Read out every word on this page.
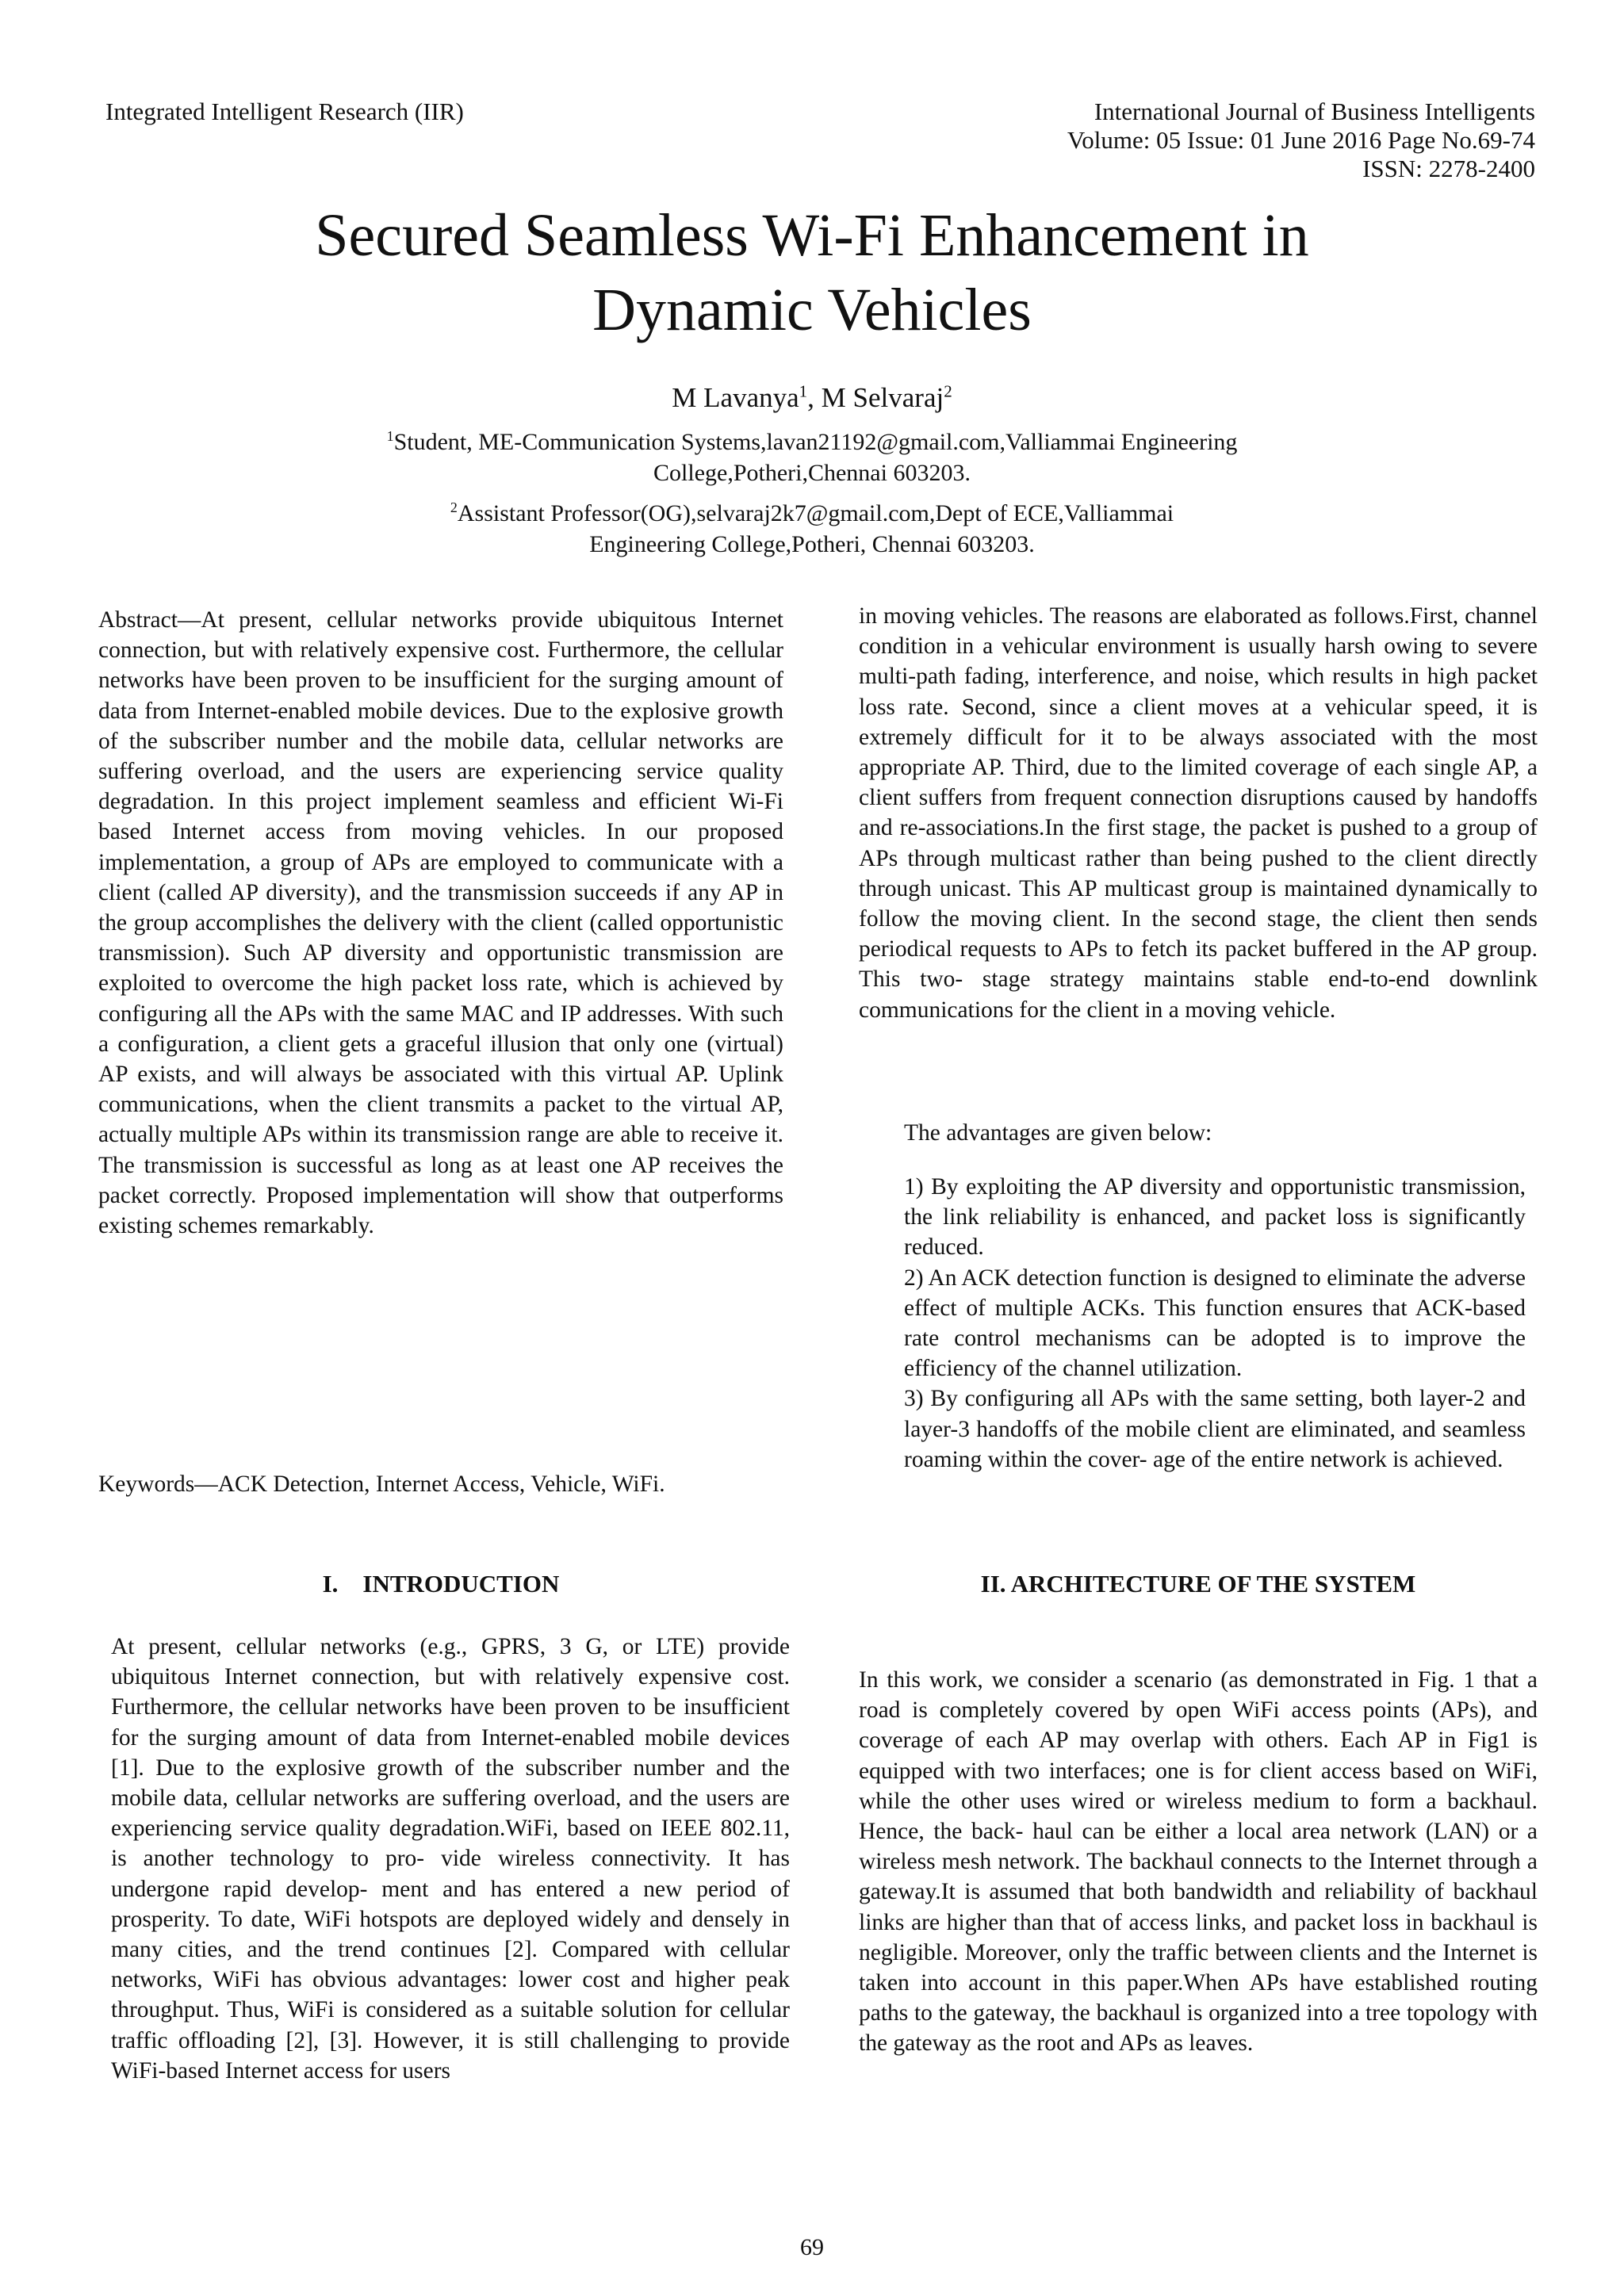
Integrated Intelligent Research (IIR)	International Journal of Business Intelligents
Volume: 05 Issue: 01 June 2016 Page No.69-74
ISSN: 2278-2400
Secured Seamless Wi-Fi Enhancement in
Dynamic Vehicles
M Lavanya$^1$, M Selvaraj$^2$
$^1$Student, ME-Communication Systems,lavan21192@gmail.com,Valliammai Engineering
College,Potheri,Chennai 603203.
$^2$Assistant Professor(OG),selvaraj2k7@gmail.com,Dept of ECE,Valliammai
Engineering College,Potheri, Chennai 603203.

Abstract—At present, cellular networks provide ubiquitous Internet connection, but with relatively expensive cost. Furthermore, the cellular networks have been proven to be insufficient for the surging amount of data from Internet-enabled mobile devices. Due to the explosive growth of the subscriber number and the mobile data, cellular networks are suffering overload, and the users are experiencing service quality degradation. In this project implement seamless and efficient Wi-Fi based Internet access from moving vehicles. In our proposed implementation, a group of APs are employed to communicate with a client (called AP diversity), and the transmission succeeds if any AP in the group accomplishes the delivery with the client (called opportunistic transmission). Such AP diversity and opportunistic transmission are exploited to overcome the high packet loss rate, which is achieved by configuring all the APs with the same MAC and IP addresses. With such a configuration, a client gets a graceful illusion that only one (virtual) AP exists, and will always be associated with this virtual AP. Uplink communications, when the client transmits a packet to the virtual AP, actually multiple APs within its transmission range are able to receive it. The transmission is successful as long as at least one AP receives the packet correctly. Proposed implementation will show that outperforms existing schemes remarkably.

Keywords—ACK Detection, Internet Access, Vehicle, WiFi.

I.    INTRODUCTION

At present, cellular networks (e.g., GPRS, 3 G, or LTE) provide ubiquitous Internet connection, but with relatively expensive cost. Furthermore, the cellular networks have been proven to be insufficient for the surging amount of data from Internet-enabled mobile devices [1]. Due to the explosive growth of the subscriber number and the mobile data, cellular networks are suffering overload, and the users are experiencing service quality degradation.WiFi, based on IEEE 802.11, is another technology to pro- vide wireless connectivity. It has undergone rapid develop- ment and has entered a new period of prosperity. To date, WiFi hotspots are deployed widely and densely in many cities, and the trend continues [2]. Compared with cellular networks, WiFi has obvious advantages: lower cost and higher peak throughput. Thus, WiFi is considered as a suitable solution for cellular traffic offloading [2], [3]. However, it is still challenging to provide WiFi-based Internet access for users

in moving vehicles. The reasons are elaborated as follows.First, channel condition in a vehicular environment is usually harsh owing to severe multi-path fading, interference, and noise, which results in high packet loss rate. Second, since a client moves at a vehicular speed, it is extremely difficult for it to be always associated with the most appropriate AP. Third, due to the limited coverage of each single AP, a client suffers from frequent connection disruptions caused by handoffs and re-associations.In the first stage, the packet is pushed to a group of APs through multicast rather than being pushed to the client directly through unicast. This AP multicast group is maintained dynamically to follow the moving client. In the second stage, the client then sends periodical requests to APs to fetch its packet buffered in the AP group. This two- stage strategy maintains stable end-to-end downlink communications for the client in a moving vehicle.

The advantages are given below:

1) By exploiting the AP diversity and opportunistic transmission, the link reliability is enhanced, and packet loss is significantly reduced.

2) An ACK detection function is designed to eliminate the adverse effect of multiple ACKs. This function ensures that ACK-based rate control mechanisms can be adopted is to improve the efficiency of the channel utilization.

3) By configuring all APs with the same setting, both layer-2 and layer-3 handoffs of the mobile client are eliminated, and seamless roaming within the cover- age of the entire network is achieved.

II. ARCHITECTURE OF THE SYSTEM

In this work, we consider a scenario (as demonstrated in Fig. 1 that a road is completely covered by open WiFi access points (APs), and coverage of each AP may overlap with others. Each AP in Fig1 is equipped with two interfaces; one is for client access based on WiFi, while the other uses wired or wireless medium to form a backhaul. Hence, the back- haul can be either a local area network (LAN) or a wireless mesh network. The backhaul connects to the Internet through a gateway.It is assumed that both bandwidth and reliability of backhaul links are higher than that of access links, and packet loss in backhaul is negligible. Moreover, only the traffic between clients and the Internet is taken into account in this paper.When APs have established routing paths to the gateway, the backhaul is organized into a tree topology with the gateway as the root and APs as leaves.

69
